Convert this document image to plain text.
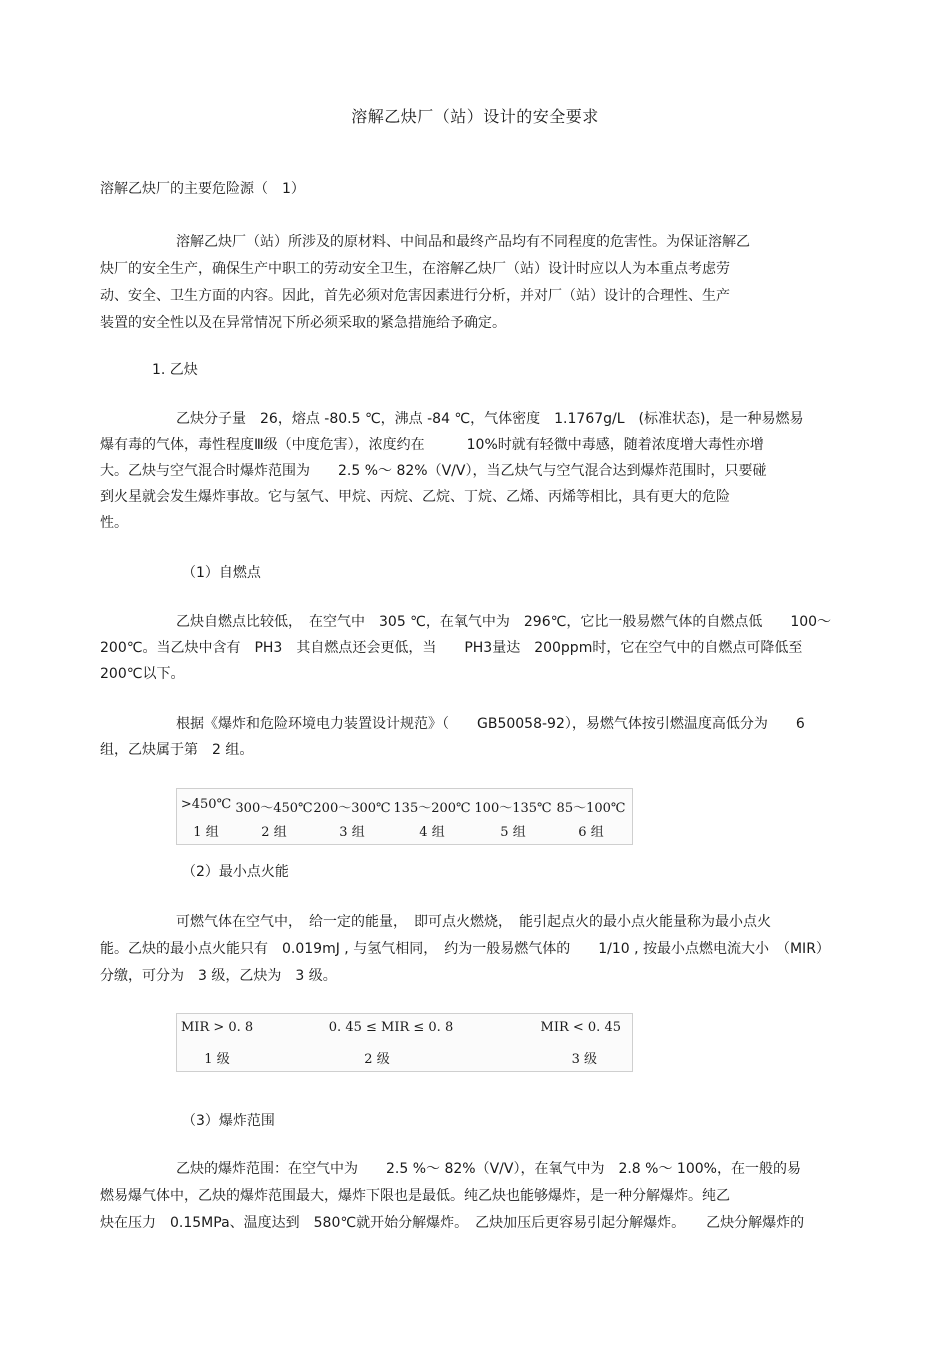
溶解乙炔厂（站）设计的安全要求
溶解乙炔厂的主要危险源（　1）
溶解乙炔厂（站）所涉及的原材料、中间品和最终产品均有不同程度的危害性。为保证溶解乙
炔厂的安全生产，确保生产中职工的劳动安全卫生，在溶解乙炔厂（站）设计时应以人为本重点考虑劳
动、安全、卫生方面的内容。因此，首先必须对危害因素进行分析，并对厂（站）设计的合理性、生产
装置的安全性以及在异常情况下所必须采取的紧急措施给予确定。
1. 乙炔
乙炔分子量　26，熔点 -80.5 ℃，沸点 -84 ℃，气体密度　1.1767g/L　(标准状态)，是一种易燃易
爆有毒的气体，毒性程度Ⅲ级（中度危害），浓度约在　　　10%时就有轻微中毒感，随着浓度增大毒性亦增
大。乙炔与空气混合时爆炸范围为　　2.5 %～ 82%（V/V），当乙炔气与空气混合达到爆炸范围时，只要碰
到火星就会发生爆炸事故。它与氢气、甲烷、丙烷、乙烷、丁烷、乙烯、丙烯等相比，具有更大的危险
性。
（1）自燃点
乙炔自燃点比较低，　在空气中　305 ℃，在氧气中为　296℃，它比一般易燃气体的自燃点低　　100～
200℃。当乙炔中含有　PH3　其自燃点还会更低，当　　PH3量达　200ppm时，它在空气中的自燃点可降低至
200℃以下。
根据《爆炸和危险环境电力装置设计规范》（　　GB50058-92），易燃气体按引燃温度高低分为　　6
组，乙炔属于第　2 组。
>450℃ 300～450℃ 200～300℃ 135～200℃ 100～135℃ 85～100℃
1 组	2 组	3 组	4 组	5 组	6 组
（2）最小点火能
可燃气体在空气中，　给一定的能量，　即可点火燃烧，　能引起点火的最小点火能量称为最小点火
能。乙炔的最小点火能只有　0.019mJ , 与氢气相同，　约为一般易燃气体的　　1/10 , 按最小点燃电流大小　（MIR）
分缴，可分为　3 级，乙炔为　3 级。
MIR > 0. 8	0. 45 ≤ MIR ≤ 0. 8	MIR < 0. 45
1 级	2 级	3 级
（3）爆炸范围
乙炔的爆炸范围：在空气中为　　2.5 %～ 82%（V/V），在氧气中为　2.8 %～ 100%，在一般的易
燃易爆气体中，乙炔的爆炸范围最大，爆炸下限也是最低。纯乙炔也能够爆炸，是一种分解爆炸。纯乙
炔在压力　0.15MPa、温度达到　580℃就开始分解爆炸。　乙炔加压后更容易引起分解爆炸。　　乙炔分解爆炸的
